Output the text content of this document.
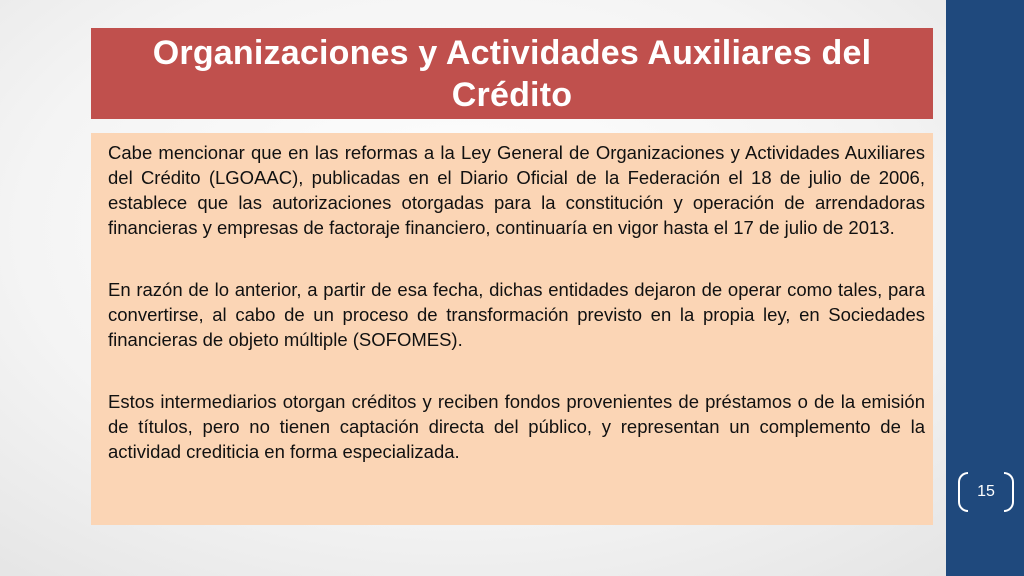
Organizaciones y Actividades Auxiliares del Crédito

Cabe mencionar que en las reformas a la Ley General de Organizaciones y Actividades Auxiliares del Crédito (LGOAAC), publicadas en el Diario Oficial de la Federación el 18 de julio de 2006, establece que las autorizaciones otorgadas para la constitución y operación de arrendadoras financieras y empresas de factoraje financiero, continuaría en vigor hasta el 17 de julio de 2013.

En razón de lo anterior, a partir de esa fecha, dichas entidades dejaron de operar como tales, para convertirse, al cabo de un proceso de transformación previsto en la propia ley, en Sociedades financieras de objeto múltiple (SOFOMES).

Estos intermediarios otorgan créditos y reciben fondos provenientes de préstamos o de la emisión de títulos, pero no tienen captación directa del público, y representan un complemento de la actividad crediticia en forma especializada.

15
